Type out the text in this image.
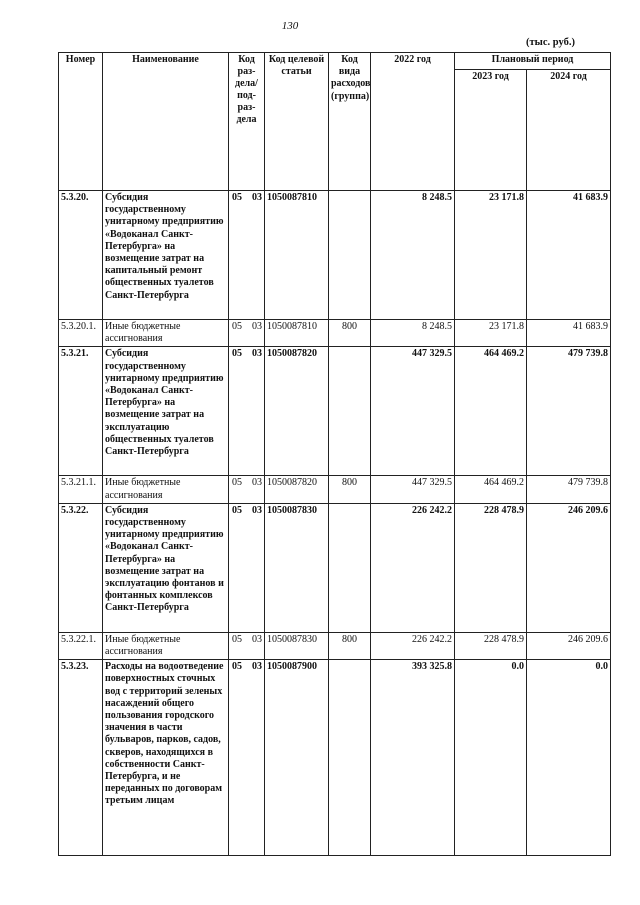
130
(тыс. руб.)
Номер	Наименование	Код раз- дела/ под- раз- дела	Код целевой статьи	Код вида расходов (группа)	2022 год	Плановый период	
						2023 год	2024 год
5.3.20.	Субсидия государственному унитарному предприятию «Водоканал Санкт-Петербурга» на возмещение затрат на капитальный ремонт общественных туалетов Санкт-Петербурга	05 03	1050087810		8 248.5	23 171.8	41 683.9
5.3.20.1.	Иные бюджетные ассигнования	05 03	1050087810	800	8 248.5	23 171.8	41 683.9
5.3.21.	Субсидия государственному унитарному предприятию «Водоканал Санкт-Петербурга» на возмещение затрат на эксплуатацию общественных туалетов Санкт-Петербурга	05 03	1050087820		447 329.5	464 469.2	479 739.8
5.3.21.1.	Иные бюджетные ассигнования	05 03	1050087820	800	447 329.5	464 469.2	479 739.8
5.3.22.	Субсидия государственному унитарному предприятию «Водоканал Санкт-Петербурга» на возмещение затрат на эксплуатацию фонтанов и фонтанных комплексов Санкт-Петербурга	05 03	1050087830		226 242.2	228 478.9	246 209.6
5.3.22.1.	Иные бюджетные ассигнования	05 03	1050087830	800	226 242.2	228 478.9	246 209.6
5.3.23.	Расходы на водоотведение поверхностных сточных вод с территорий зеленых насаждений общего пользования городского значения в части бульваров, парков, садов, скверов, находящихся в собственности Санкт-Петербурга, и не переданных по договорам третьим лицам	05 03	1050087900		393 325.8	0.0	0.0
